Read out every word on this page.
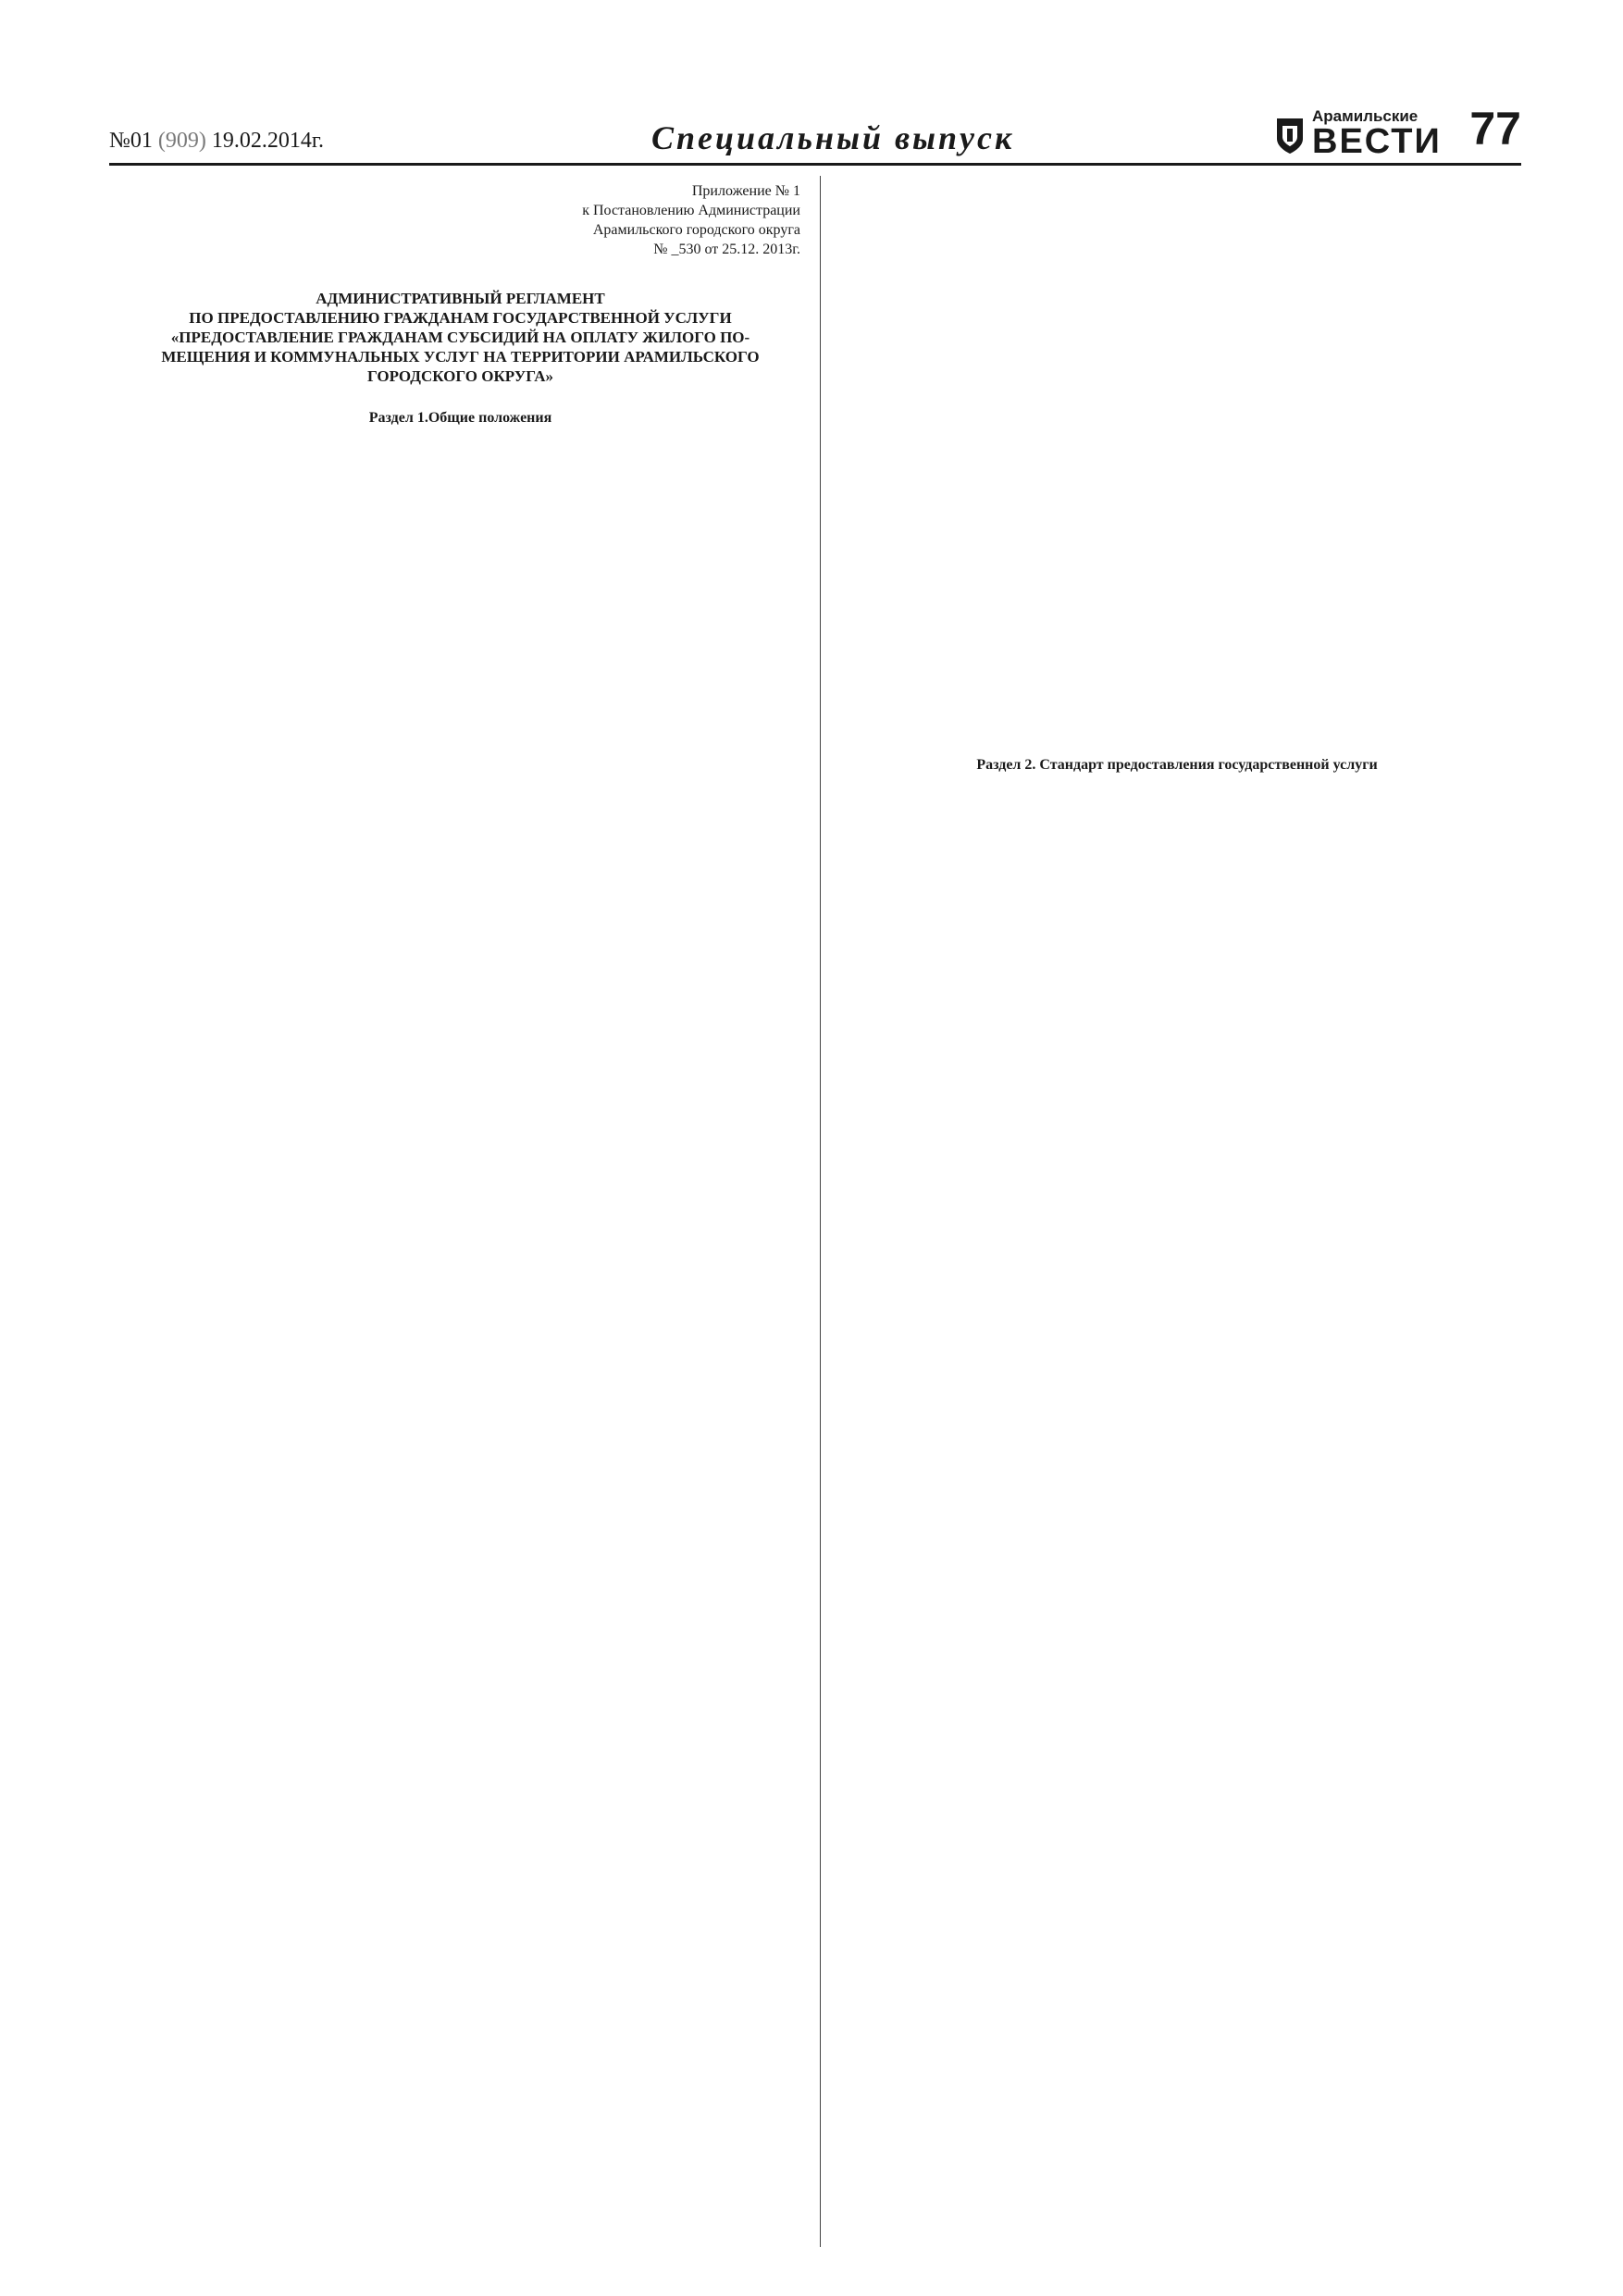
№01 (909) 19.02.2014г.	Специальный выпуск
Арамильские
ВЕСТИ 77

Приложение № 1
к Постановлению Администрации
Арамильского городского округа
№ _530 от 25.12. 2013г.

АДМИНИСТРАТИВНЫЙ РЕГЛАМЕНТ
ПО ПРЕДОСТАВЛЕНИЮ ГРАЖДАНАМ ГОСУДАРСТВЕННОЙ УСЛУГИ
«ПРЕДОСТАВЛЕНИЕ ГРАЖДАНАМ СУБСИДИЙ НА ОПЛАТУ ЖИЛОГО ПО-
МЕЩЕНИЯ И КОММУНАЛЬНЫХ УСЛУГ НА ТЕРРИТОРИИ АРАМИЛЬСКОГО
ГОРОДСКОГО ОКРУГА»

Раздел 1.Общие положения

Раздел 2. Стандарт предоставления государственной услуги
